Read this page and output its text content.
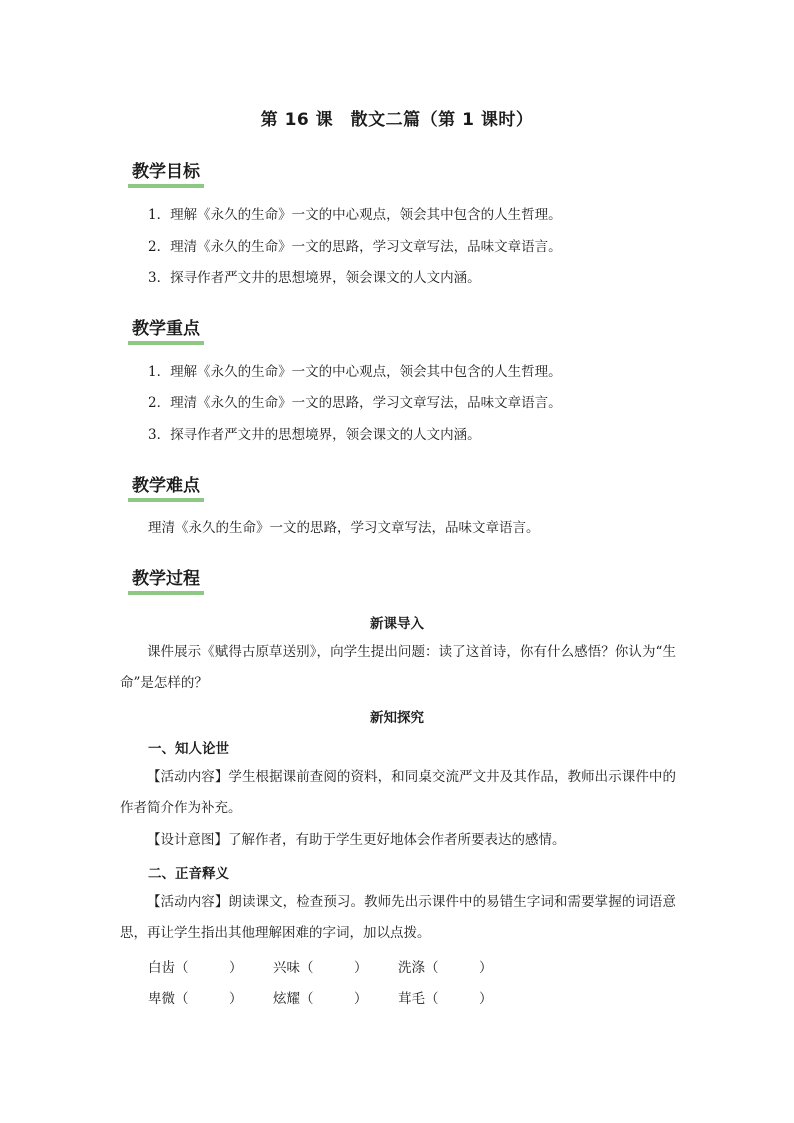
第 16 课　散文二篇（第 1 课时）
教学目标
1．理解《永久的生命》一文的中心观点，领会其中包含的人生哲理。
2．理清《永久的生命》一文的思路，学习文章写法，品味文章语言。
3．探寻作者严文井的思想境界，领会课文的人文内涵。
教学重点
1．理解《永久的生命》一文的中心观点，领会其中包含的人生哲理。
2．理清《永久的生命》一文的思路，学习文章写法，品味文章语言。
3．探寻作者严文井的思想境界，领会课文的人文内涵。
教学难点
理清《永久的生命》一文的思路，学习文章写法，品味文章语言。
教学过程
新课导入
课件展示《赋得古原草送别》，向学生提出问题：读了这首诗，你有什么感悟？你认为“生命”是怎样的？
新知探究
一、知人论世
【活动内容】学生根据课前查阅的资料，和同桌交流严文井及其作品，教师出示课件中的作者简介作为补充。
【设计意图】了解作者，有助于学生更好地体会作者所要表达的感情。
二、正音释义
【活动内容】朗读课文，检查预习。教师先出示课件中的易错生字词和需要掌握的词语意思，再让学生指出其他理解困难的字词，加以点拨。
白齿（　　　） 兴味（　　　） 洗涤（　　　）
卑微（　　　） 炫耀（　　　） 茸毛（　　　）
